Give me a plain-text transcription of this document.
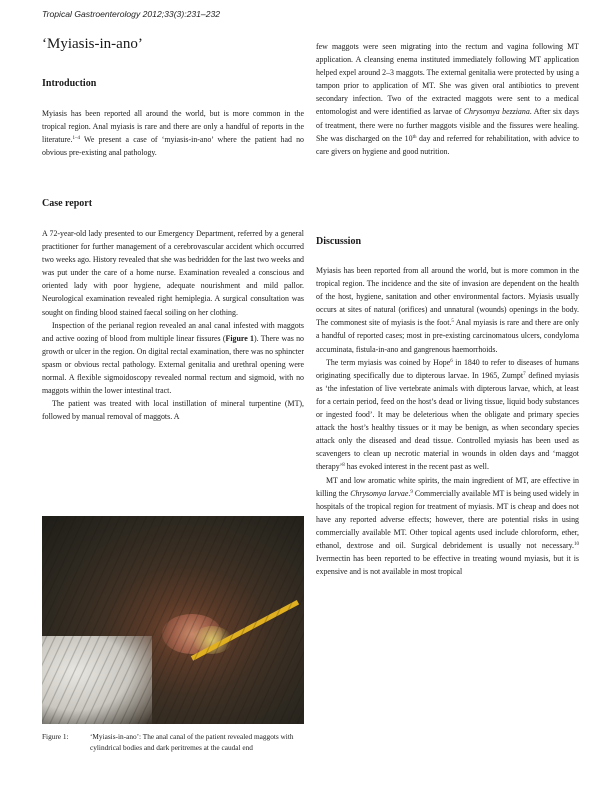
Tropical Gastroenterology 2012;33(3):231–232
‘Myiasis-in-ano’
Introduction

Myiasis has been reported all around the world, but is more common in the tropical region. Anal myiasis is rare and there are only a handful of reports in the literature.$^{1-4}$ We present a case of ‘myiasis-in-ano’ where the patient had no obvious pre-existing anal pathology.

Case report

A 72-year-old lady presented to our Emergency Department, referred by a general practitioner for further management of a cerebrovascular accident which occurred two weeks ago. History revealed that she was bedridden for the last two weeks and was put under the care of a home nurse. Examination revealed a conscious and oriented lady with poor hygiene, adequate nourishment and mild pallor. Neurological examination revealed right hemiplegia. A surgical consultation was sought on finding blood stained faecal soiling on her clothing.

Inspection of the perianal region revealed an anal canal infested with maggots and active oozing of blood from multiple linear fissures (Figure 1). There was no growth or ulcer in the region. On digital rectal examination, there was no sphincter spasm or obvious rectal pathology. External genitalia and urethral opening were normal. A flexible sigmoidoscopy revealed normal rectum and sigmoid, with no maggots within the lower intestinal tract.

The patient was treated with local instillation of mineral turpentine (MT), followed by manual removal of maggots. A

Figure 1:	‘Myiasis-in-ano’: The anal canal of the patient revealed maggots with cylindrical bodies and dark peritremes at the caudal end

few maggots were seen migrating into the rectum and vagina following MT application. A cleansing enema instituted immediately following MT application helped expel around 2–3 maggots. The external genitalia were protected by using a tampon prior to application of MT. She was given oral antibiotics to prevent secondary infection. Two of the extracted maggots were sent to a medical entomologist and were identified as larvae of Chrysomya bezziana. After six days of treatment, there were no further maggots visible and the fissures were healing. She was discharged on the 10th day and referred for rehabilitation, with advice to care givers on hygiene and good nutrition.

Discussion

Myiasis has been reported from all around the world, but is more common in the tropical region. The incidence and the site of invasion are dependent on the health of the host, hygiene, sanitation and other environmental factors. Myiasis usually occurs at sites of natural (orifices) and unnatural (wounds) openings in the body. The commonest site of myiasis is the foot.$^5$ Anal myiasis is rare and there are only a handful of reported cases; most in pre-existing carcinomatous ulcers, condyloma accuminata, fistula-in-ano and gangrenous haemorrhoids.

The term myiasis was coined by Hope$^6$ in 1840 to refer to diseases of humans originating specifically due to dipterous larvae. In 1965, Zumpt$^7$ defined myiasis as ‘the infestation of live vertebrate animals with dipterous larvae, which, at least for a certain period, feed on the host’s dead or living tissue, liquid body substances or ingested food’. It may be deleterious when the obligate and primary species attack the host’s healthy tissues or it may be benign, as when secondary species attack only the diseased and dead tissue. Controlled myiasis has been used as scavengers to clean up necrotic material in wounds in olden days and ‘maggot therapy’$^8$ has evoked interest in the recent past as well.

MT and low aromatic white spirits, the main ingredient of MT, are effective in killing the Chrysomya larvae.$^9$ Commercially available MT is being used widely in hospitals of the tropical region for treatment of myiasis. MT is cheap and does not have any reported adverse effects; however, there are potential risks in using commercially available MT. Other topical agents used include chloroform, ether, ethanol, dextrose and oil. Surgical debridement is usually not necessary.$^{10}$ Ivermectin has been reported to be effective in treating wound myiasis, but it is expensive and is not available in most tropical
